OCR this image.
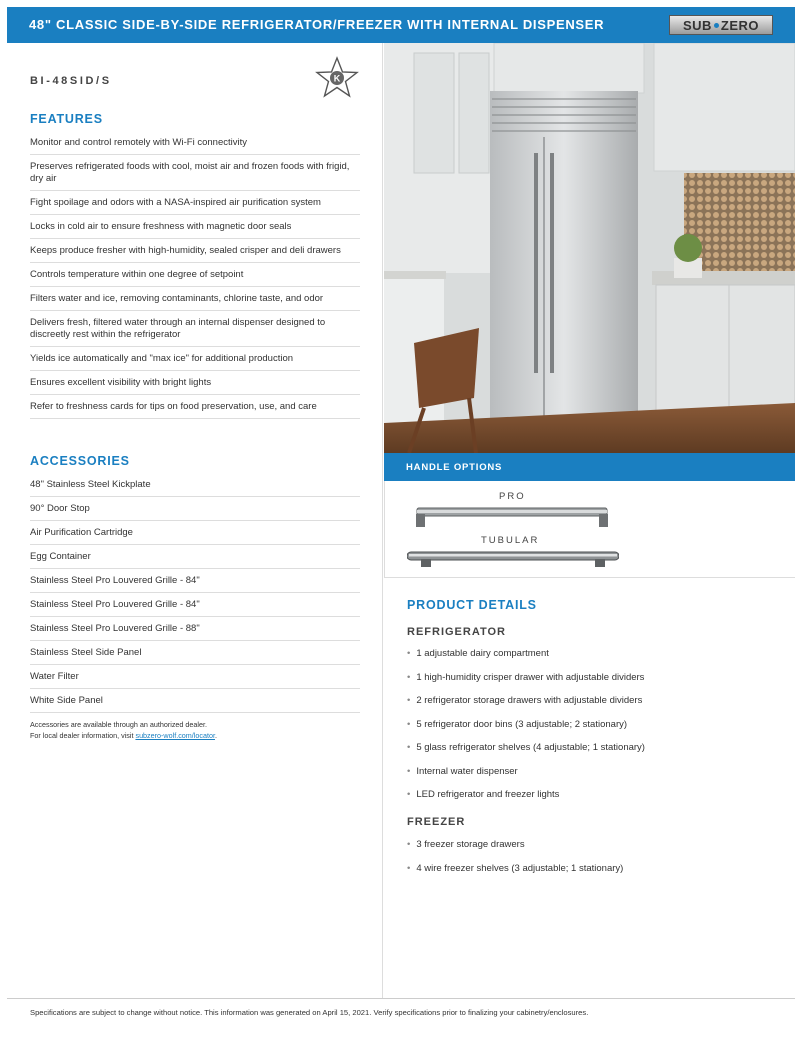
48" CLASSIC SIDE-BY-SIDE REFRIGERATOR/FREEZER WITH INTERNAL DISPENSER	SUB ZERO
BI-48SID/S	K
FEATURES
Monitor and control remotely with Wi-Fi connectivity
Preserves refrigerated foods with cool, moist air and frozen foods with frigid, dry air
Fight spoilage and odors with a NASA-inspired air purification system
Locks in cold air to ensure freshness with magnetic door seals
Keeps produce fresher with high-humidity, sealed crisper and deli drawers
Controls temperature within one degree of setpoint
Filters water and ice, removing contaminants, chlorine taste, and odor
Delivers fresh, filtered water through an internal dispenser designed to discreetly rest within the refrigerator
Yields ice automatically and "max ice" for additional production
Ensures excellent visibility with bright lights
Refer to freshness cards for tips on food preservation, use, and care
ACCESSORIES
48" Stainless Steel Kickplate
90° Door Stop
Air Purification Cartridge
Egg Container
Stainless Steel Pro Louvered Grille - 84"
Stainless Steel Pro Louvered Grille - 84"
Stainless Steel Pro Louvered Grille - 88"
Stainless Steel Side Panel
Water Filter
White Side Panel
Accessories are available through an authorized dealer.
For local dealer information, visit subzero-wolf.com/locator.
HANDLE OPTIONS
PRO
TUBULAR
PRODUCT DETAILS
REFRIGERATOR
• 1 adjustable dairy compartment
• 1 high-humidity crisper drawer with adjustable dividers
• 2 refrigerator storage drawers with adjustable dividers
• 5 refrigerator door bins (3 adjustable; 2 stationary)
• 5 glass refrigerator shelves (4 adjustable; 1 stationary)
• Internal water dispenser
• LED refrigerator and freezer lights
FREEZER
• 3 freezer storage drawers
• 4 wire freezer shelves (3 adjustable; 1 stationary)
Specifications are subject to change without notice. This information was generated on April 15, 2021. Verify specifications prior to finalizing your cabinetry/enclosures.
